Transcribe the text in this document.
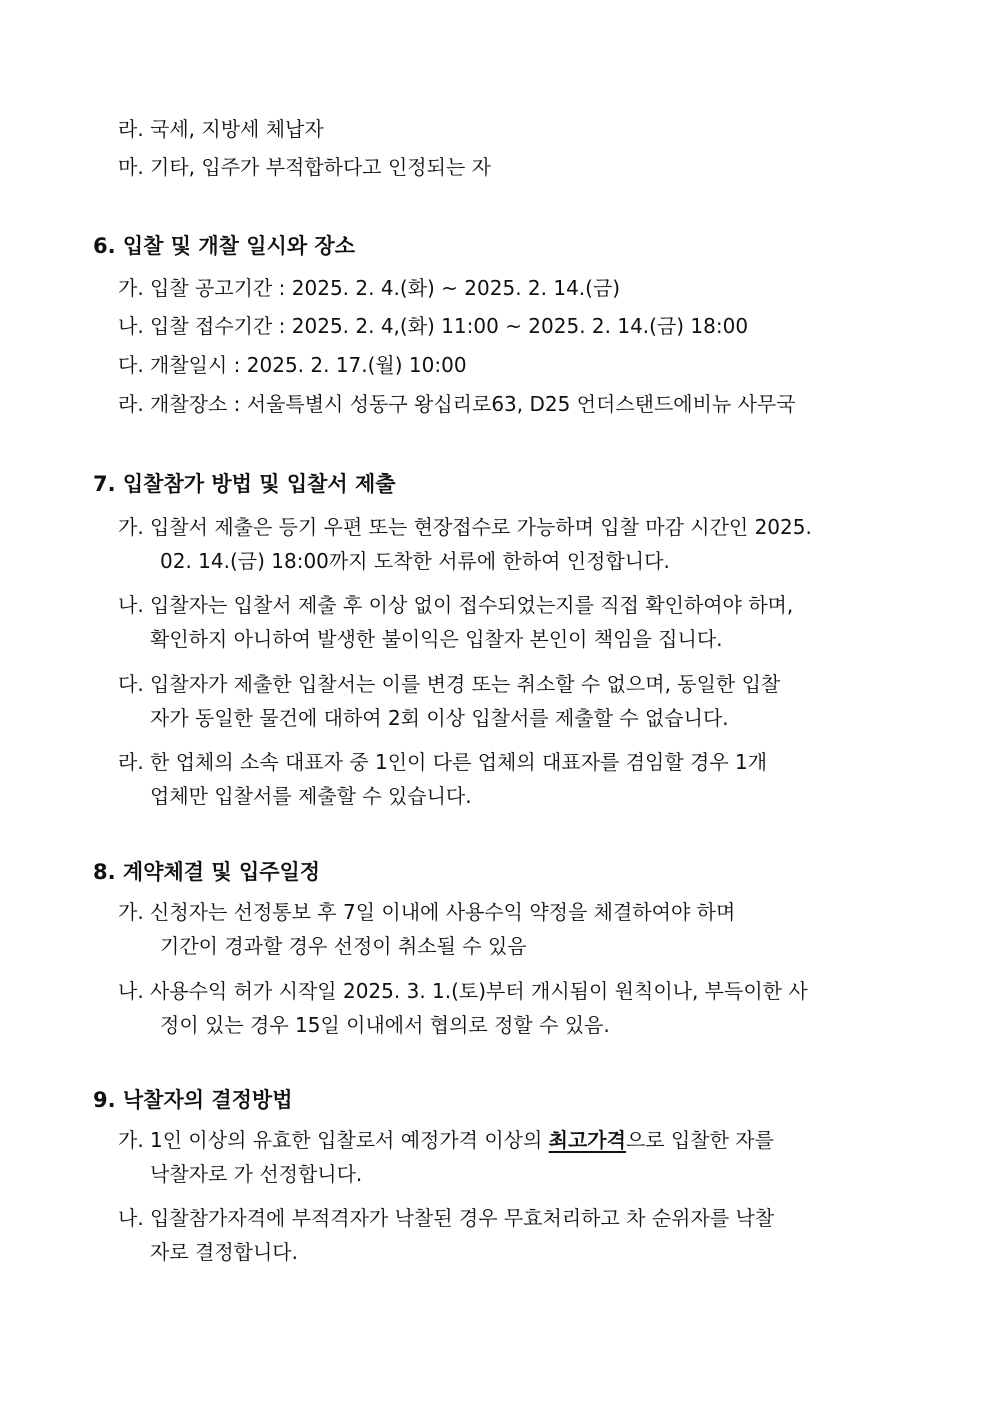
라. 국세, 지방세 체납자
마. 기타, 입주가 부적합하다고 인정되는 자
6. 입찰 및 개찰 일시와 장소
가. 입찰 공고기간 : 2025. 2. 4.(화) ~ 2025. 2. 14.(금)
나. 입찰 접수기간 : 2025. 2. 4,(화) 11:00 ~ 2025. 2. 14.(금) 18:00
다. 개찰일시 : 2025. 2. 17.(월) 10:00
라. 개찰장소 : 서울특별시 성동구 왕십리로63, D25 언더스탠드에비뉴 사무국
7. 입찰참가 방법 및 입찰서 제출
가. 입찰서 제출은 등기 우편 또는 현장접수로 가능하며 입찰 마감 시간인 2025.
02. 14.(금) 18:00까지 도착한 서류에 한하여 인정합니다.
나. 입찰자는 입찰서 제출 후 이상 없이 접수되었는지를 직접 확인하여야 하며,
확인하지 아니하여 발생한 불이익은 입찰자 본인이 책임을 집니다.
다. 입찰자가 제출한 입찰서는 이를 변경 또는 취소할 수 없으며, 동일한 입찰
자가 동일한 물건에 대하여 2회 이상 입찰서를 제출할 수 없습니다.
라. 한 업체의 소속 대표자 중 1인이 다른 업체의 대표자를 겸임할 경우 1개
업체만 입찰서를 제출할 수 있습니다.
8. 계약체결 및 입주일정
가. 신청자는 선정통보 후 7일 이내에 사용수익 약정을 체결하여야 하며
기간이 경과할 경우 선정이 취소될 수 있음
나. 사용수익 허가 시작일 2025. 3. 1.(토)부터 개시됨이 원칙이나, 부득이한 사
정이 있는 경우 15일 이내에서 협의로 정할 수 있음.
9. 낙찰자의 결정방법
가. 1인 이상의 유효한 입찰로서 예정가격 이상의 최고가격으로 입찰한 자를
낙찰자로 가 선정합니다.
나. 입찰참가자격에 부적격자가 낙찰된 경우 무효처리하고 차 순위자를 낙찰
자로 결정합니다.
